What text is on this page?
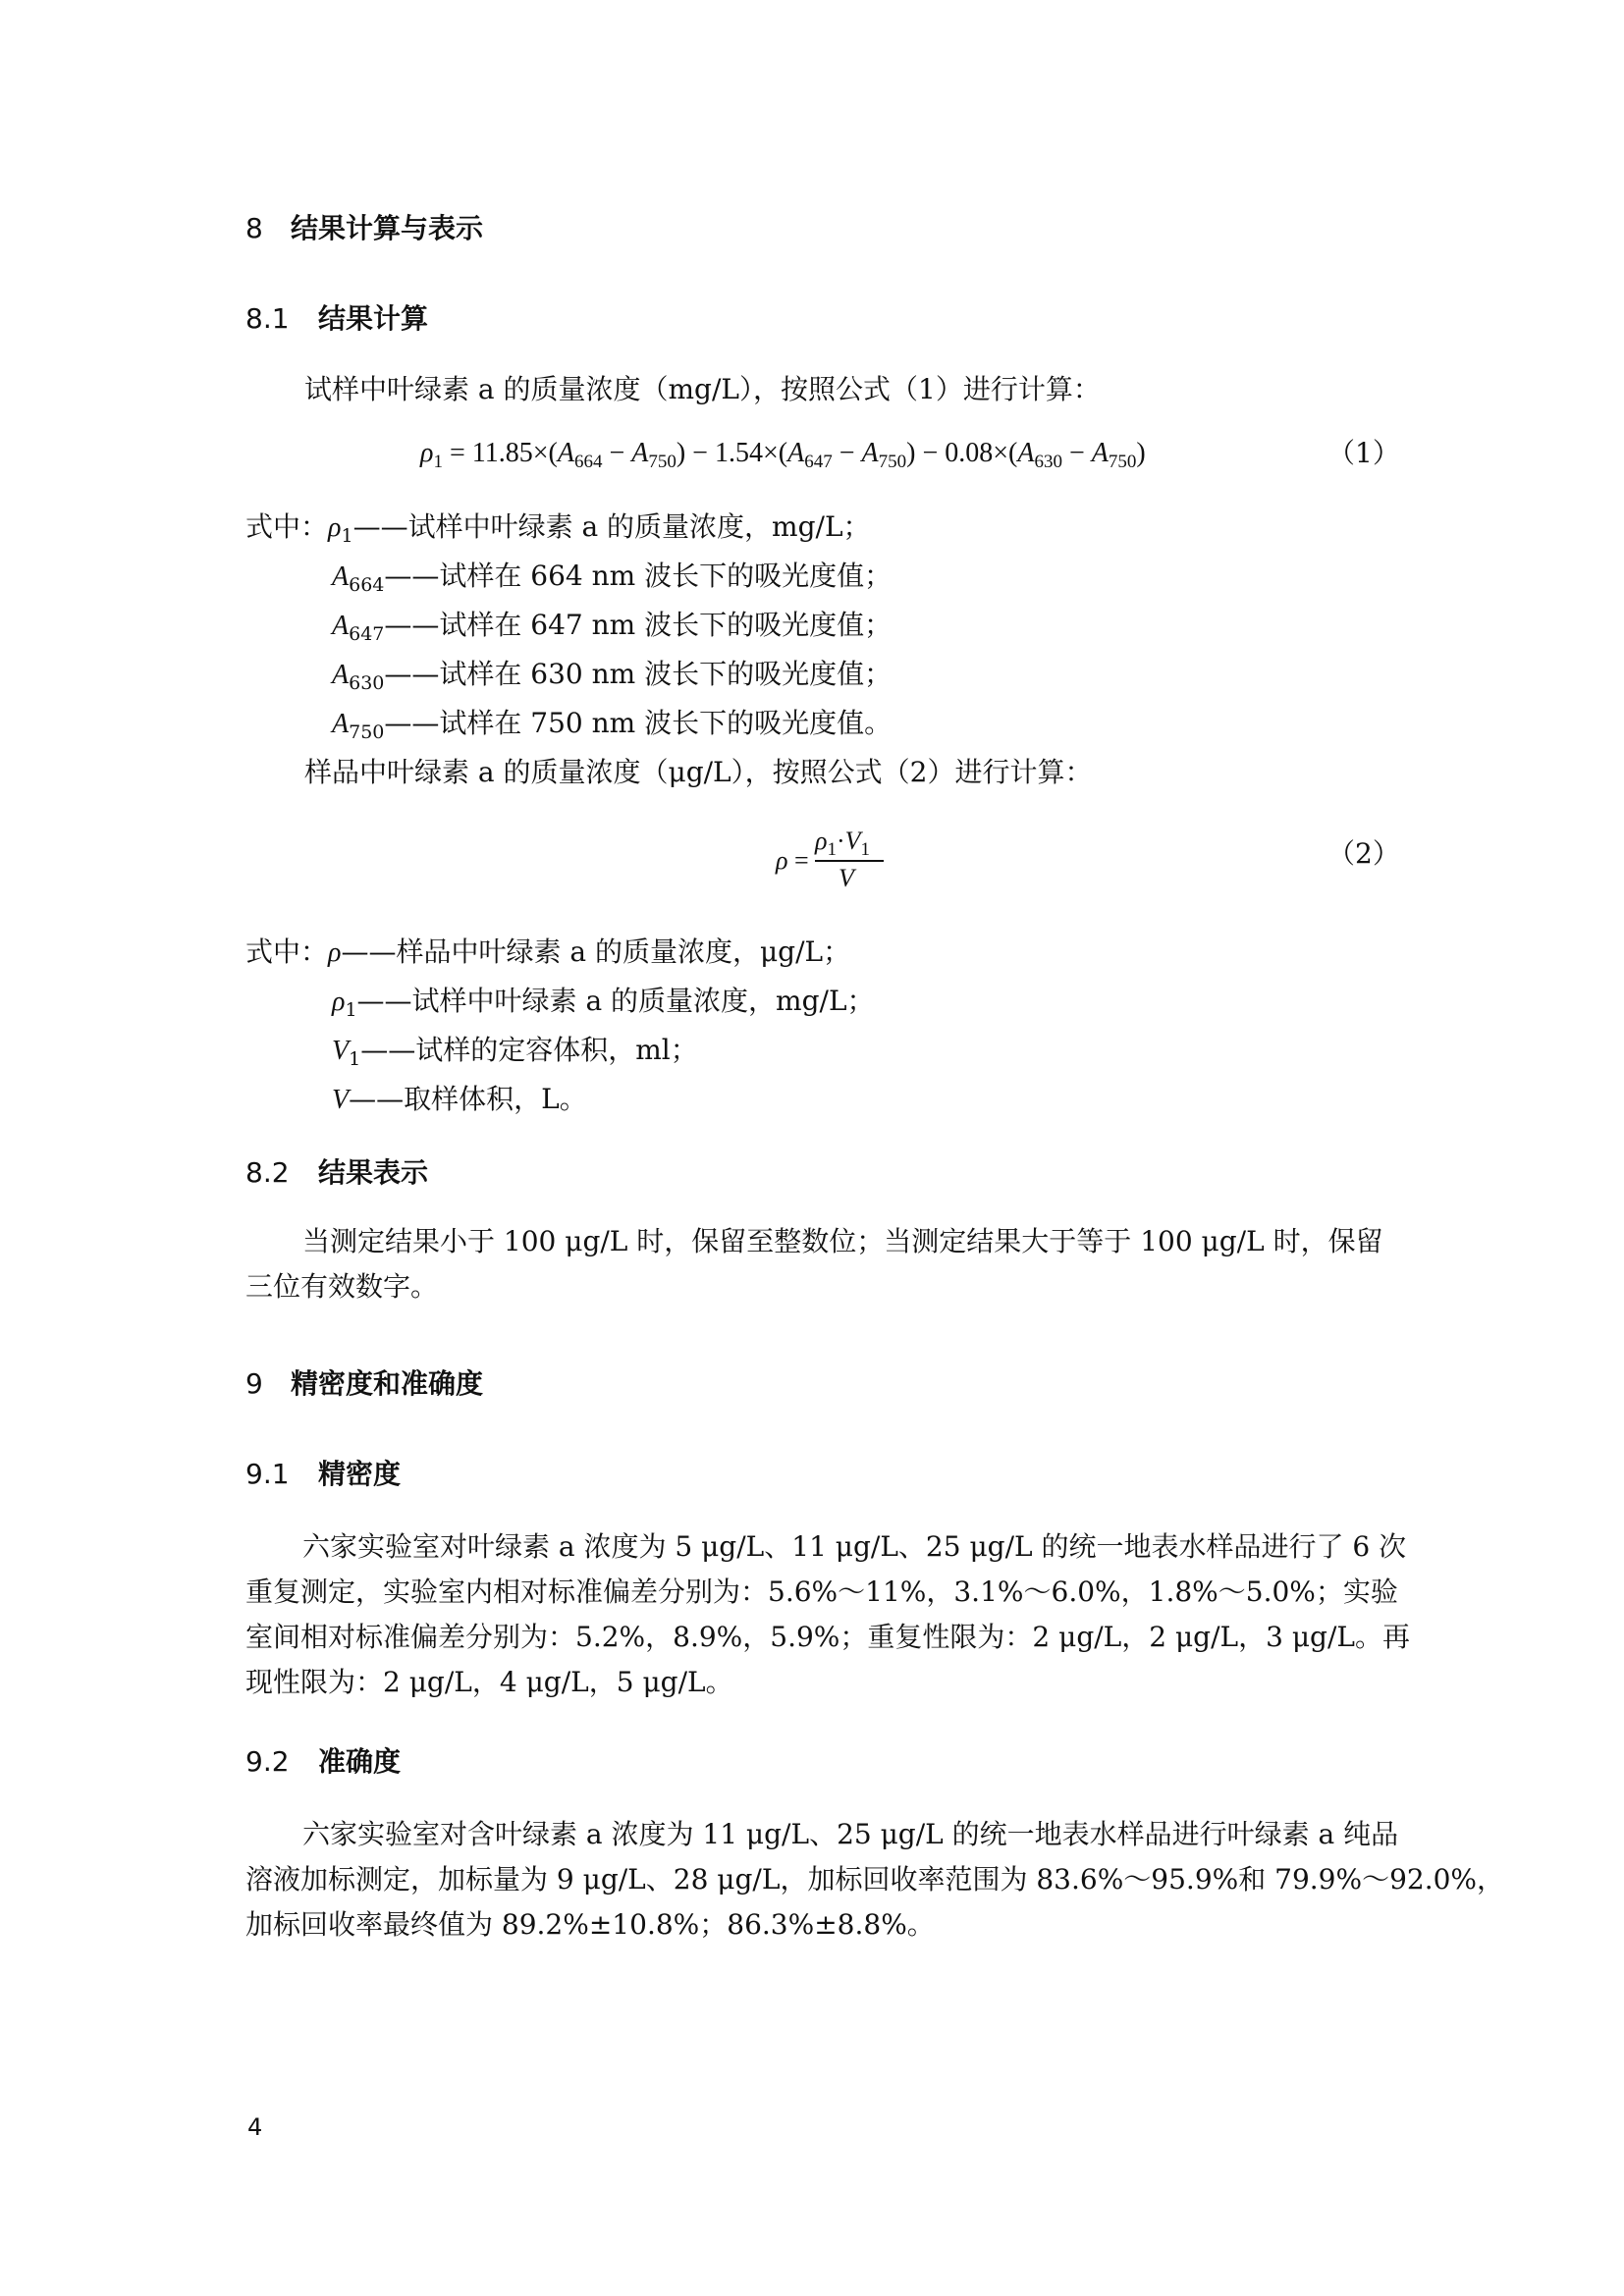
8 结果计算与表示
8.1 结果计算
试样中叶绿素 a 的质量浓度（mg/L），按照公式（1）进行计算：
$\rho_1 = 11.85\times(A_{664} - A_{750}) - 1.54\times(A_{647} - A_{750}) - 0.08\times(A_{630} - A_{750})$	（1）
式中：$\rho_1——$试样中叶绿素 a 的质量浓度，mg/L；
$A_{664}——$试样在 664 nm 波长下的吸光度值；
$A_{647}——$试样在 647 nm 波长下的吸光度值；
$A_{630}——$试样在 630 nm 波长下的吸光度值；
$A_{750}——$试样在 750 nm 波长下的吸光度值。
样品中叶绿素 a 的质量浓度（μg/L），按照公式（2）进行计算：
ρ =
$\rho_1\cdot V_1$
V
（2）
式中：ρ——样品中叶绿素 a 的质量浓度，μg/L；
$\rho_1——$试样中叶绿素 a 的质量浓度，mg/L；
$V_1——$试样的定容体积，ml；
V——取样体积，L。
8.2 结果表示
当测定结果小于 100 μg/L 时，保留至整数位；当测定结果大于等于 100 μg/L 时，保留
三位有效数字。
9 精密度和准确度
9.1 精密度
六家实验室对叶绿素 a 浓度为 5 μg/L、11 μg/L、25 μg/L 的统一地表水样品进行了 6 次
重复测定，实验室内相对标准偏差分别为：5.6%～11%，3.1%～6.0%，1.8%～5.0%；实验
室间相对标准偏差分别为：5.2%，8.9%，5.9%；重复性限为：2 μg/L，2 μg/L，3 μg/L。再
现性限为：2 μg/L，4 μg/L，5 μg/L。
9.2 准确度
六家实验室对含叶绿素 a 浓度为 11 μg/L、25 μg/L 的统一地表水样品进行叶绿素 a 纯品
溶液加标测定，加标量为 9 μg/L、28 μg/L，加标回收率范围为 83.6%～95.9%和 79.9%～92.0%，
加标回收率最终值为 89.2%±10.8%；86.3%±8.8%。
4
